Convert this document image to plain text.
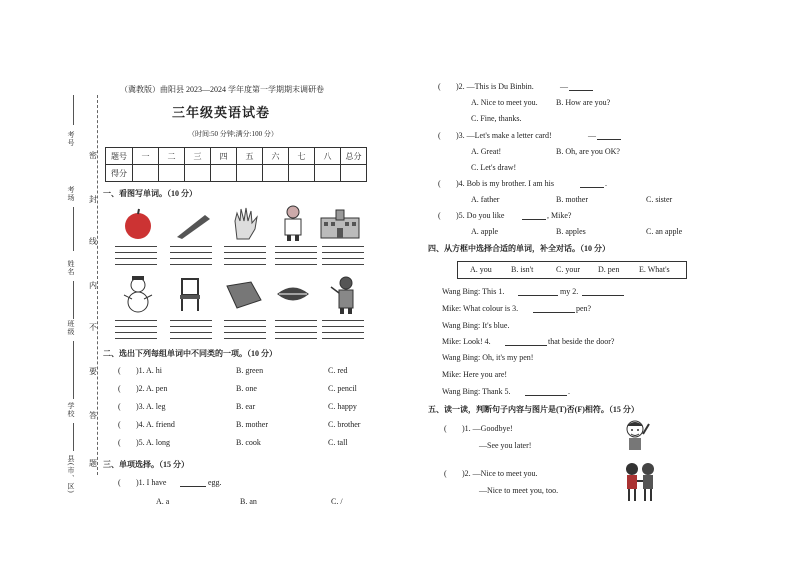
考号
考场
姓名
班级
学校
县(市、区)
密
封
线
内
不
要
答
题
（冀教版）曲阳县 2023—2024 学年度第一学期期末调研卷
三年级英语试卷
（时间:50 分钟;满分:100 分）
题号	一	二	三	四	五	六	七	八	总分
得分									
一、看图写单词。（10 分）
二、选出下列每组单词中不同类的一项。（10 分）
( )1. A. hi	B. green	C. red
( )2. A. pen	B. one	C. pencil
( )3. A. leg	B. ear	C. happy
( )4. A. friend	B. mother	C. brother
( )5. A. long	B. cook	C. tall
三、单项选择。（15 分）
( )1. I have	egg.
A. a	B. an	C. /
( )2. —This is Du Binbin.	—
A. Nice to meet you. B. How are you?
C. Fine, thanks.
( )3. —Let's make a letter card!	—
A. Great!	B. Oh, are you OK?
C. Let's draw!
( )4. Bob is my brother. I am his	.
A. father	B. mother	C. sister
( )5. Do you like	, Mike?
A. apple	B. apples	C. an apple
四、从方框中选择合适的单词，补全对话。（10 分）
A. you B. isn't	C. your D. pen E. What's
Wang Bing: This 1.	my 2.
Mike: What colour is 3.	pen?
Wang Bing: It's blue.
Mike: Look! 4.	that beside the door?
Wang Bing: Oh, it's my pen!
Mike: Here you are!
Wang Bing: Thank 5.	.
五、读一读，判断句子内容与图片是(T)否(F)相符。（15 分）
( )1. —Goodbye!
—See you later!
( )2. —Nice to meet you.
—Nice to meet you, too.
